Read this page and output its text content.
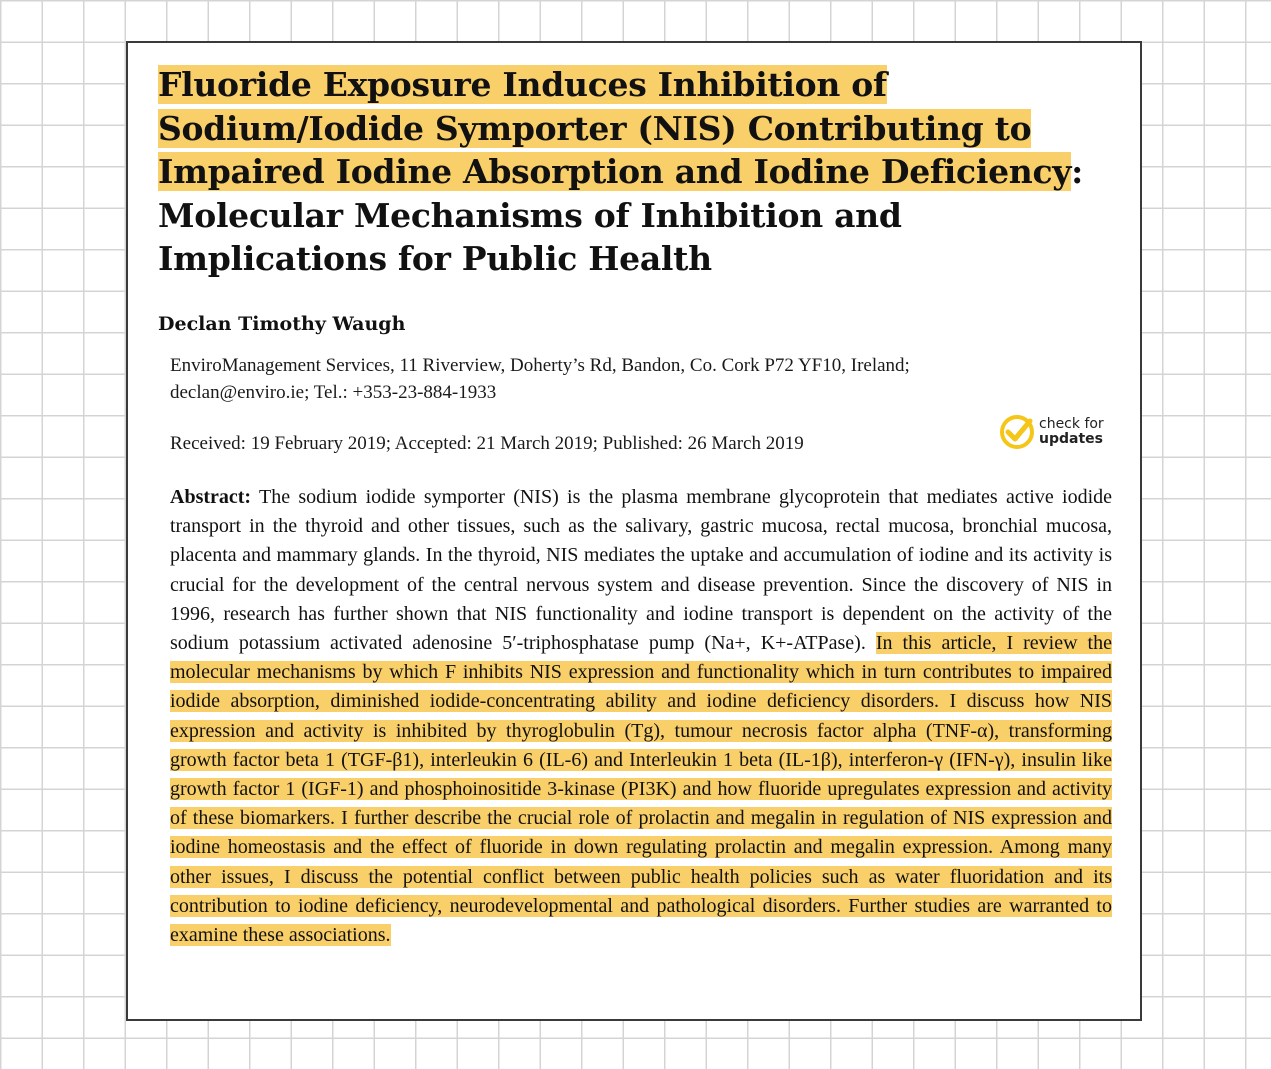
Fluoride Exposure Induces Inhibition of Sodium/Iodide Symporter (NIS) Contributing to Impaired Iodine Absorption and Iodine Deficiency: Molecular Mechanisms of Inhibition and Implications for Public Health
Declan Timothy Waugh
EnviroManagement Services, 11 Riverview, Doherty’s Rd, Bandon, Co. Cork P72 YF10, Ireland;
declan@enviro.ie; Tel.: +353-23-884-1933
Received: 19 February 2019; Accepted: 21 March 2019; Published: 26 March 2019
check for
updates

Abstract: The sodium iodide symporter (NIS) is the plasma membrane glycoprotein that mediates active iodide transport in the thyroid and other tissues, such as the salivary, gastric mucosa, rectal mucosa, bronchial mucosa, placenta and mammary glands. In the thyroid, NIS mediates the uptake and accumulation of iodine and its activity is crucial for the development of the central nervous system and disease prevention. Since the discovery of NIS in 1996, research has further shown that NIS functionality and iodine transport is dependent on the activity of the sodium potassium activated adenosine 5′-triphosphatase pump (Na+, K+-ATPase). In this article, I review the molecular mechanisms by which F inhibits NIS expression and functionality which in turn contributes to impaired iodide absorption, diminished iodide-concentrating ability and iodine deficiency disorders. I discuss how NIS expression and activity is inhibited by thyroglobulin (Tg), tumour necrosis factor alpha (TNF-α), transforming growth factor beta 1 (TGF-β1), interleukin 6 (IL-6) and Interleukin 1 beta (IL-1β), interferon-γ (IFN-γ), insulin like growth factor 1 (IGF-1) and phosphoinositide 3-kinase (PI3K) and how fluoride upregulates expression and activity of these biomarkers. I further describe the crucial role of prolactin and megalin in regulation of NIS expression and iodine homeostasis and the effect of fluoride in down regulating prolactin and megalin expression. Among many other issues, I discuss the potential conflict between public health policies such as water fluoridation and its contribution to iodine deficiency, neurodevelopmental and pathological disorders. Further studies are warranted to examine these associations.
